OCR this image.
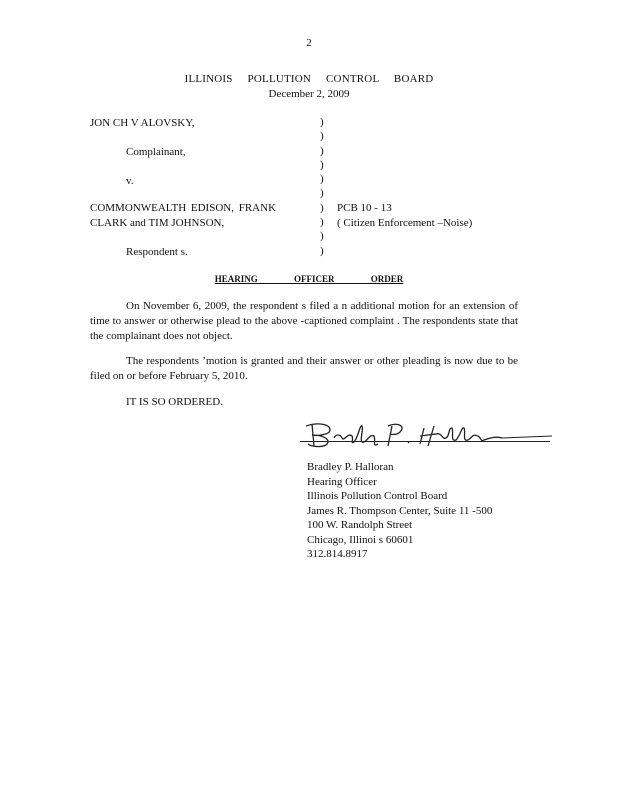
2
ILLINOIS POLLUTION CONTROL BOARD
December 2, 2009
JON CH V ALOVSKY,
Complainant,
v.
COMMONWEALTH EDISON, FRANK
CLARK and TIM JOHNSON,
Respondent s.
)
)
)
)
)
)
)
)
)
)
PCB 10 - 13
( Citizen Enforcement –Noise)
HEARING OFFICER ORDER
On November 6, 2009, the respondent s filed a n additional motion for an extension of time to answer or otherwise plead to the above -captioned complaint . The respondents state that the complainant does not object.
The respondents ’motion is granted and their answer or other pleading is now due to be filed on or before February 5, 2010.
IT IS SO ORDERED.
Bradley P. Halloran
Hearing Officer
Illinois Pollution Control Board
James R. Thompson Center, Suite 11 -500
100 W. Randolph Street
Chicago, Illinoi s 60601
312.814.8917
